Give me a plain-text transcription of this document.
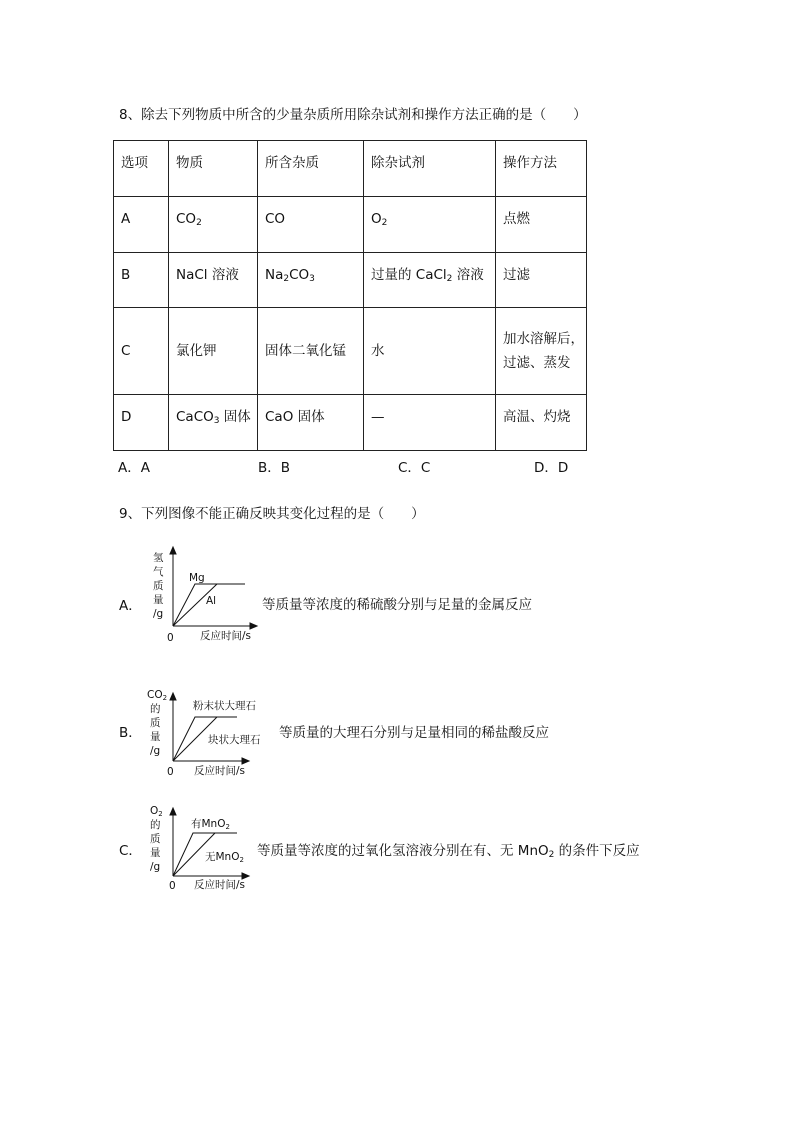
8、除去下列物质中所含的少量杂质所用除杂试剂和操作方法正确的是（　　）
选项	物质	所含杂质	除杂试剂	操作方法
A	$CO_2$	CO	$O_2$	点燃
B	NaCl 溶液	$Na_2CO_3$	过量的 CaCl$_2$ 溶液	过滤
C	氯化钾	固体二氧化锰	水	加水溶解后，
过滤、蒸发
D	CaCO$_3$ 固体	CaO 固体	—	高温、灼烧
A．A	B．B	C．C	D．D
9、下列图像不能正确反映其变化过程的是（　　）
A．
氢
气
质
量
/g
0	反应时间/s
Mg
Al	等质量等浓度的稀硫酸分别与足量的金属反应
B．
CO2
的
质
量
/g
0 反应时间/s
粉末状大理石
块状大理石 等质量的大理石分别与足量相同的稀盐酸反应
C．
O2
的
质
量
/g
0 反应时间/s
有MnO2
无MnO2
等质量等浓度的过氧化氢溶液分别在有、无 MnO$_2$ 的条件下反应
